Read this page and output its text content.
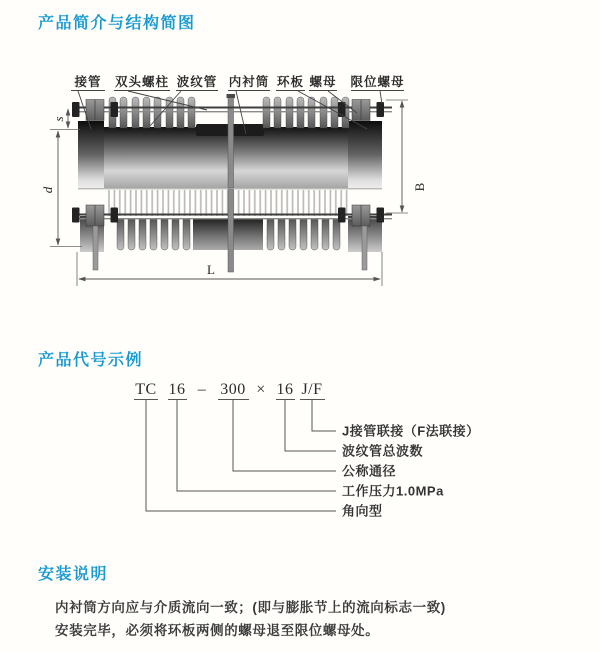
产品简介与结构简图
接管 双头螺柱 波纹管 内衬筒 环板 螺母 限位螺母
s
d	B
L
产品代号示例
TC 16 – 300 × 16 J/F
J接管联接（F法联接）
波纹管总波数
公称通径
工作压力1.0MPa
角向型
安装说明

内衬筒方向应与介质流向一致；(即与膨胀节上的流向标志一致)

安装完毕，必须将环板两侧的螺母退至限位螺母处。
